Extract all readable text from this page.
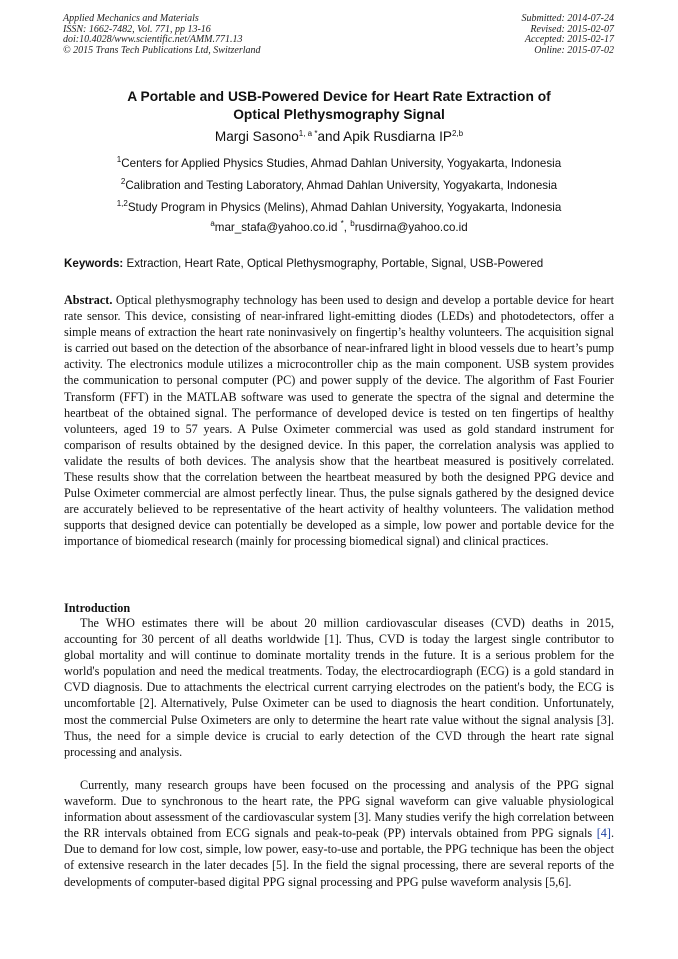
Applied Mechanics and Materials
ISSN: 1662-7482, Vol. 771, pp 13-16
doi:10.4028/www.scientific.net/AMM.771.13
© 2015 Trans Tech Publications Ltd, Switzerland
Submitted: 2014-07-24
Revised: 2015-02-07
Accepted: 2015-02-17
Online: 2015-07-02
A Portable and USB-Powered Device for Heart Rate Extraction of
Optical Plethysmography Signal
Margi Sasono$^{1, a *}$and Apik Rusdiarna IP$^{2,b}$
$^1$Centers for Applied Physics Studies, Ahmad Dahlan University, Yogyakarta, Indonesia
$^2$Calibration and Testing Laboratory, Ahmad Dahlan University, Yogyakarta, Indonesia
$^{1,2}$Study Program in Physics (Melins), Ahmad Dahlan University, Yogyakarta, Indonesia
$^a$mar_stafa@yahoo.co.id *, $^b$rusdirna@yahoo.co.id
Keywords: Extraction, Heart Rate, Optical Plethysmography, Portable, Signal, USB-Powered
Abstract. Optical plethysmography technology has been used to design and develop a portable device for heart rate sensor. This device, consisting of near-infrared light-emitting diodes (LEDs) and photodetectors, offer a simple means of extraction the heart rate noninvasively on fingertip’s healthy volunteers. The acquisition signal is carried out based on the detection of the absorbance of near-infrared light in blood vessels due to heart’s pump activity. The electronics module utilizes a microcontroller chip as the main component. USB system provides the communication to personal computer (PC) and power supply of the device. The algorithm of Fast Fourier Transform (FFT) in the MATLAB software was used to generate the spectra of the signal and determine the heartbeat of the obtained signal. The performance of developed device is tested on ten fingertips of healthy volunteers, aged 19 to 57 years. A Pulse Oximeter commercial was used as gold standard instrument for comparison of results obtained by the designed device. In this paper, the correlation analysis was applied to validate the results of both devices. The analysis show that the heartbeat measured is positively correlated. These results show that the correlation between the heartbeat measured by both the designed PPG device and Pulse Oximeter commercial are almost perfectly linear. Thus, the pulse signals gathered by the designed device are accurately believed to be representative of the heart activity of healthy volunteers. The validation method supports that designed device can potentially be developed as a simple, low power and portable device for the importance of biomedical research (mainly for processing biomedical signal) and clinical practices.
Introduction
The WHO estimates there will be about 20 million cardiovascular diseases (CVD) deaths in 2015, accounting for 30 percent of all deaths worldwide [1]. Thus, CVD is today the largest single contributor to global mortality and will continue to dominate mortality trends in the future. It is a serious problem for the world's population and need the medical treatments. Today, the electrocardiograph (ECG) is a gold standard in CVD diagnosis. Due to attachments the electrical current carrying electrodes on the patient's body, the ECG is uncomfortable [2]. Alternatively, Pulse Oximeter can be used to diagnosis the heart condition. Unfortunately, most the commercial Pulse Oximeters are only to determine the heart rate value without the signal analysis [3]. Thus, the need for a simple device is crucial to early detection of the CVD through the heart rate signal processing and analysis.
Currently, many research groups have been focused on the processing and analysis of the PPG signal waveform. Due to synchronous to the heart rate, the PPG signal waveform can give valuable physiological information about assessment of the cardiovascular system [3]. Many studies verify the high correlation between the RR intervals obtained from ECG signals and peak-to-peak (PP) intervals obtained from PPG signals [4]. Due to demand for low cost, simple, low power, easy-to-use and portable, the PPG technique has been the object of extensive research in the later decades [5]. In the field the signal processing, there are several reports of the developments of computer-based digital PPG signal processing and PPG pulse waveform analysis [5,6].
